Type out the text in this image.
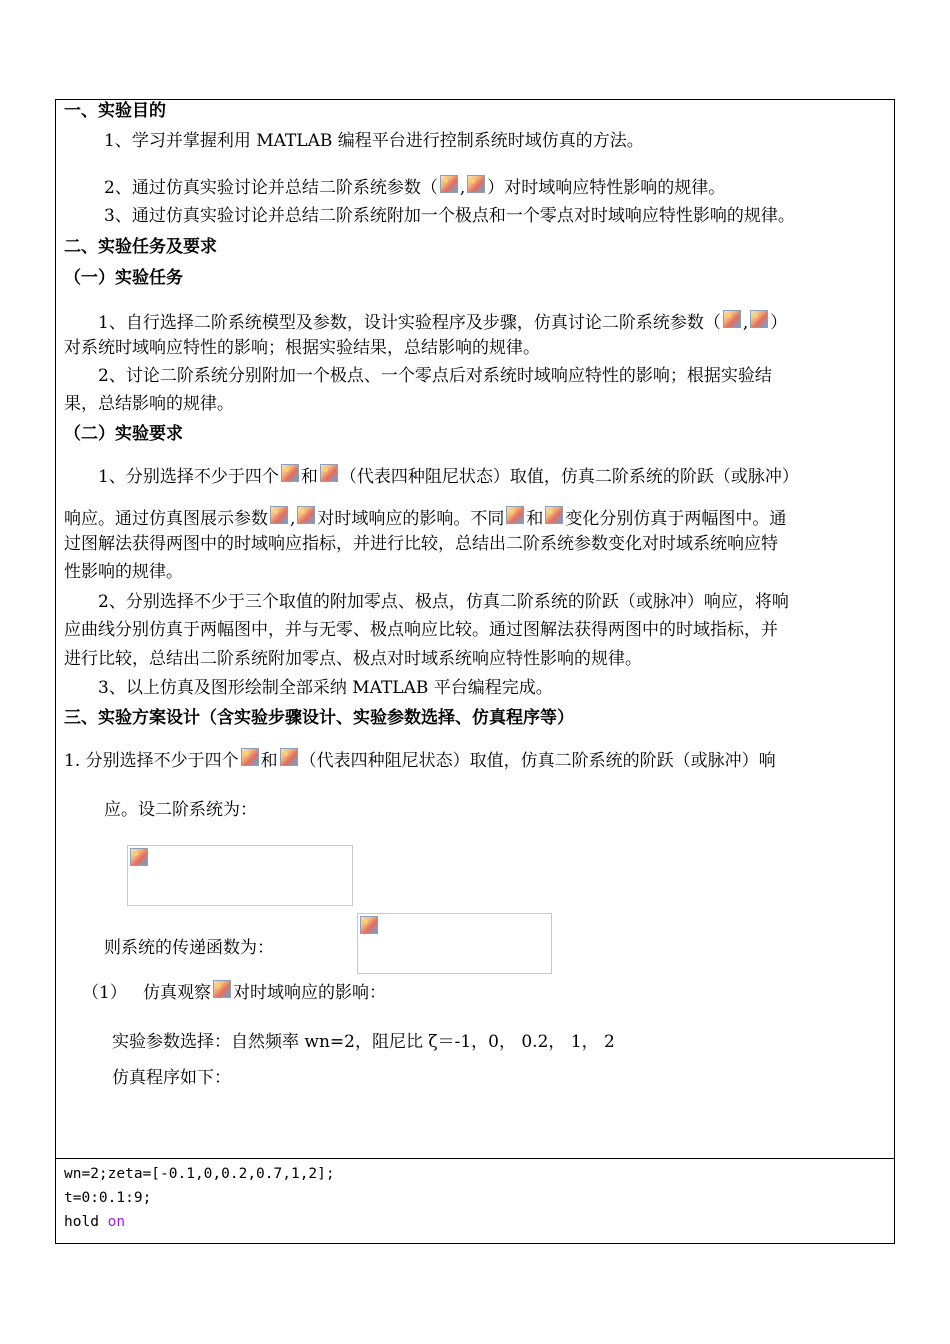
一、实验目的
1、学习并掌握利用 MATLAB 编程平台进行控制系统时域仿真的方法。
2、通过仿真实验讨论并总结二阶系统参数（ , ）对时域响应特性影响的规律。
3、通过仿真实验讨论并总结二阶系统附加一个极点和一个零点对时域响应特性影响的规律。
二、实验任务及要求
（一）实验任务
1、自行选择二阶系统模型及参数，设计实验程序及步骤，仿真讨论二阶系统参数（ , ）
对系统时域响应特性的影响；根据实验结果，总结影响的规律。
2、讨论二阶系统分别附加一个极点、一个零点后对系统时域响应特性的影响；根据实验结
果，总结影响的规律。
（二）实验要求
1、分别选择不少于四个 和 （代表四种阻尼状态）取值，仿真二阶系统的阶跃（或脉冲）
响应。通过仿真图展示参数 , 对时域响应的影响。不同 和 变化分别仿真于两幅图中。通
过图解法获得两图中的时域响应指标，并进行比较，总结出二阶系统参数变化对时域系统响应特
性影响的规律。
2、分别选择不少于三个取值的附加零点、极点，仿真二阶系统的阶跃（或脉冲）响应，将响
应曲线分别仿真于两幅图中，并与无零、极点响应比较。通过图解法获得两图中的时域指标，并
进行比较，总结出二阶系统附加零点、极点对时域系统响应特性影响的规律。
3、以上仿真及图形绘制全部采纳 MATLAB 平台编程完成。
三、实验方案设计（含实验步骤设计、实验参数选择、仿真程序等）
1. 分别选择不少于四个 和 （代表四种阻尼状态）取值，仿真二阶系统的阶跃（或脉冲）响
应。设二阶系统为：
则系统的传递函数为：
（1） 仿真观察 对时域响应的影响：
实验参数选择：自然频率 wn=2，阻尼比 ζ＝-1，0， 0.2， 1， 2
仿真程序如下：
wn=2;zeta=[-0.1,0,0.2,0.7,1,2];
t=0:0.1:9;
hold on
